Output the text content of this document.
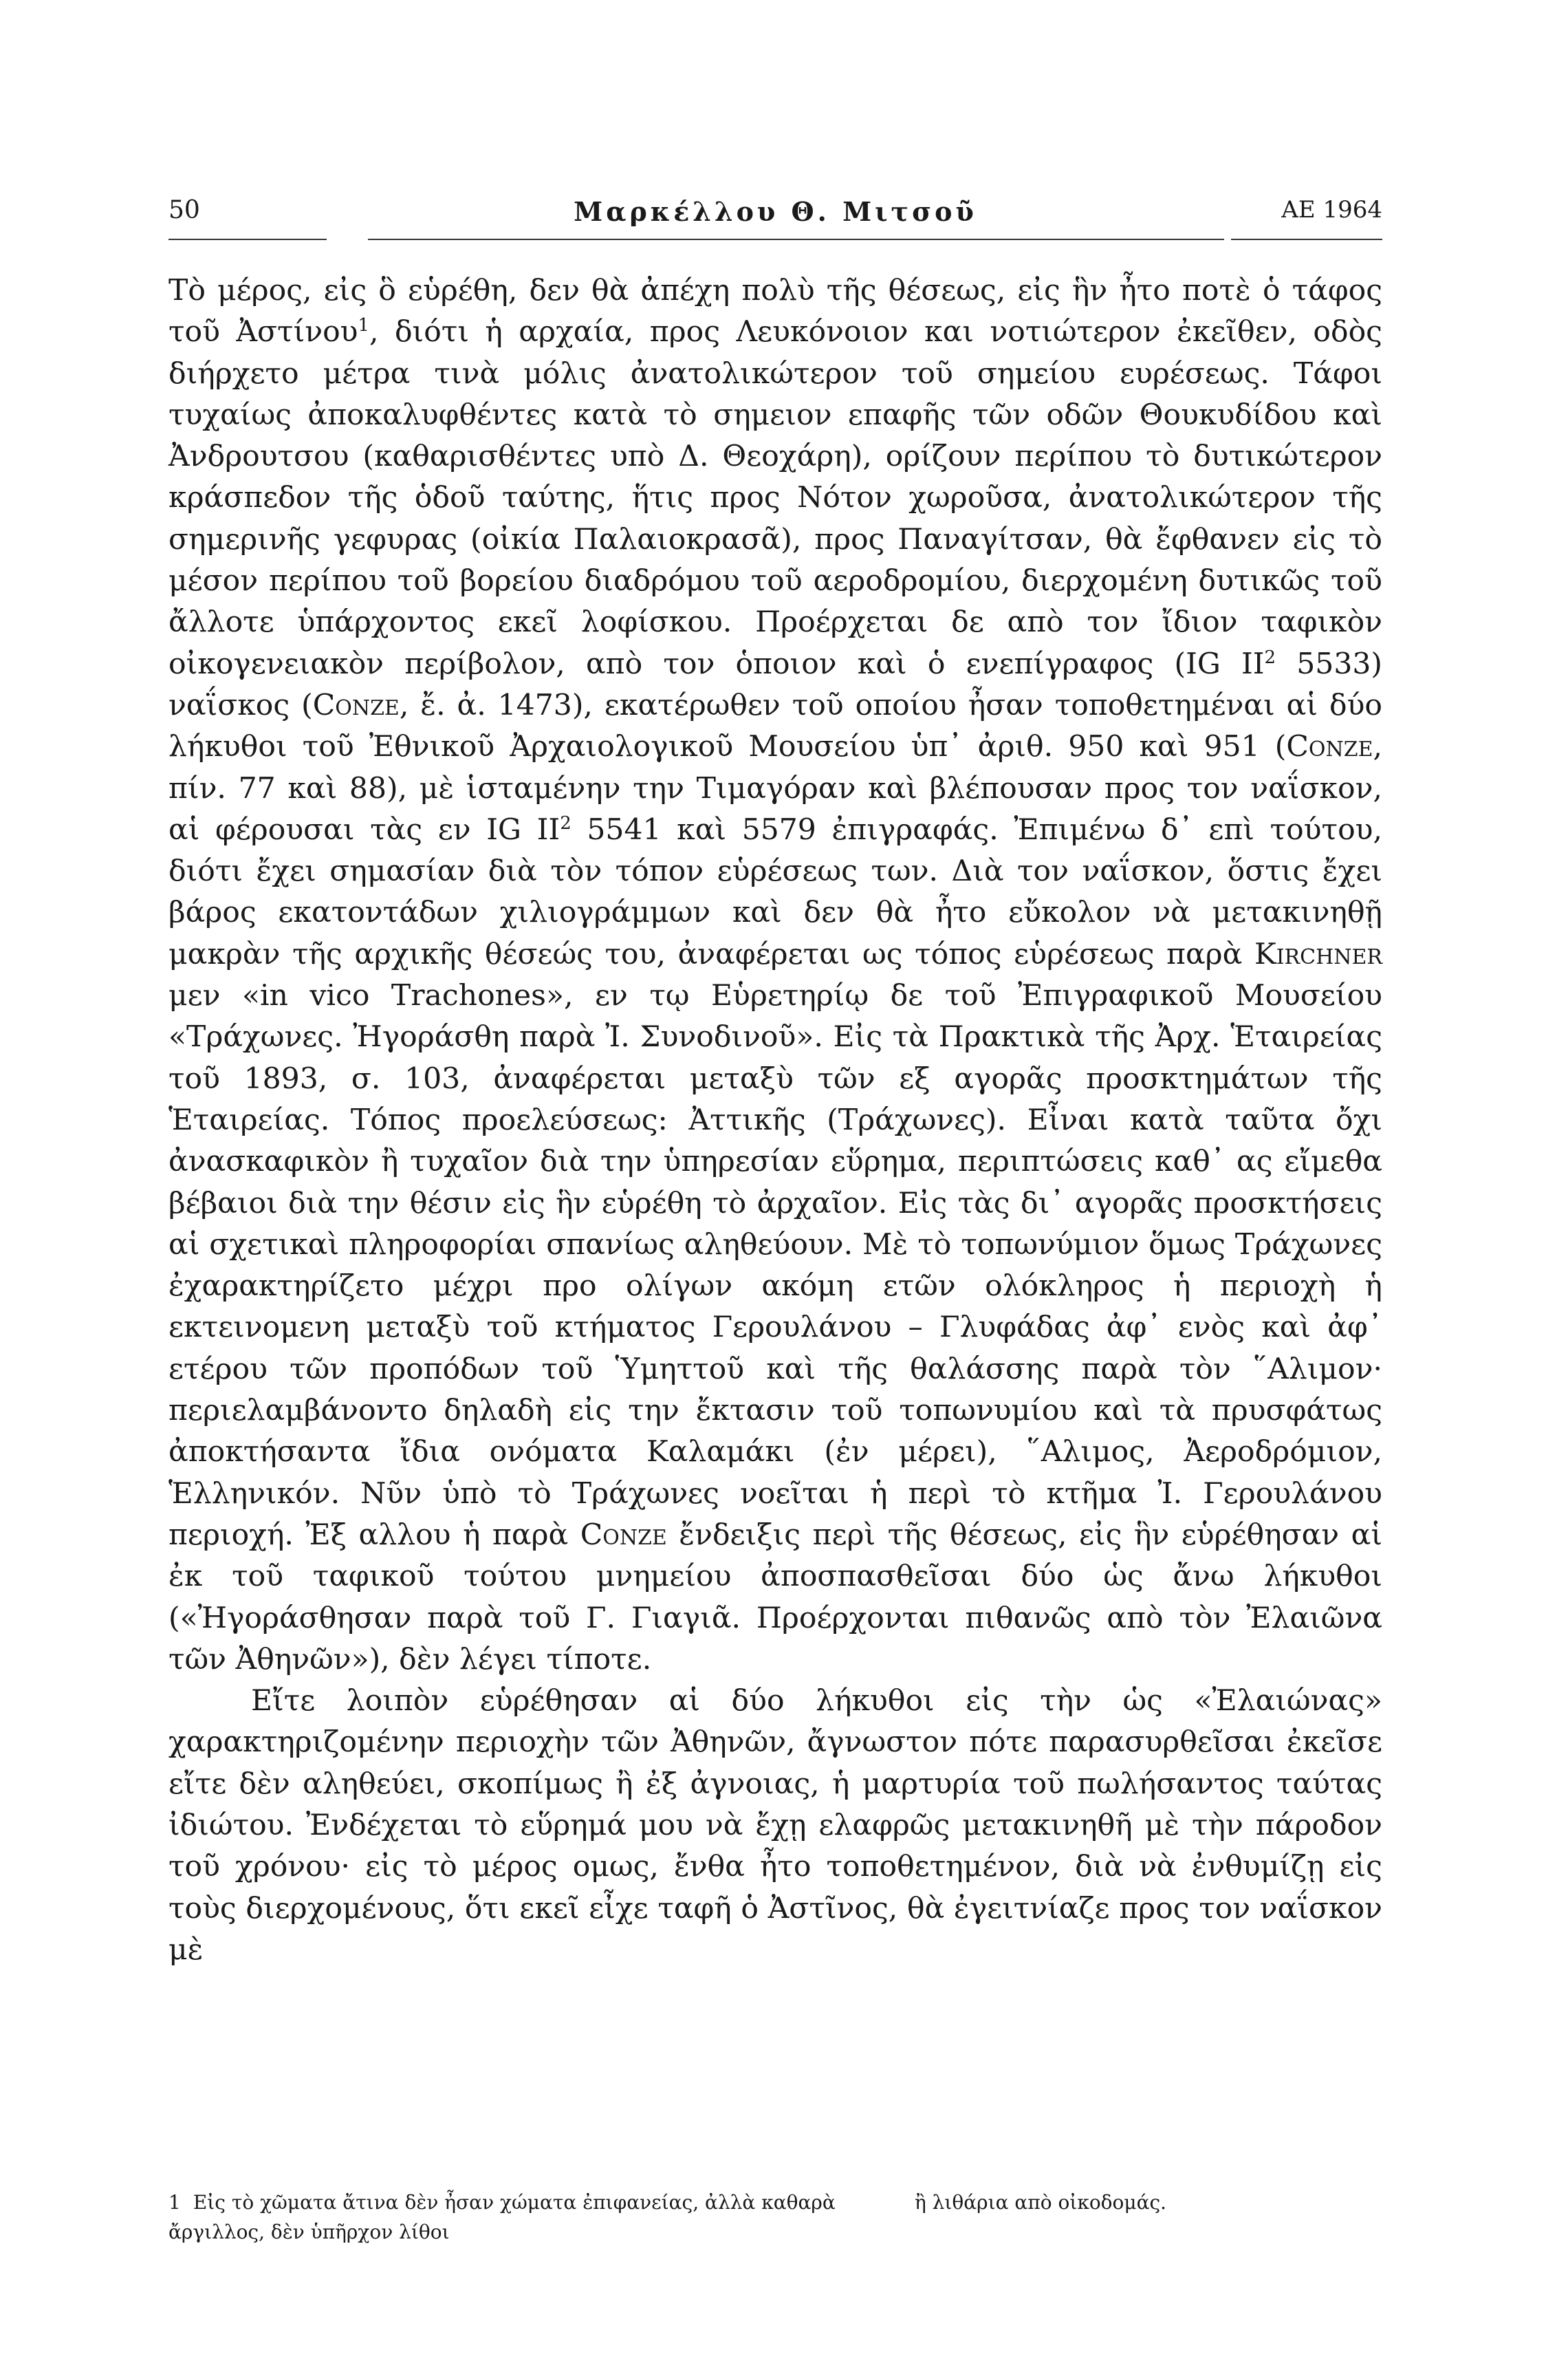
50	Μαρκέλλου Θ. Μιτσοῦ	ΑΕ 1964

Τὸ μέρος, εἰς ὃ εὑρέθη, δεν θὰ ἀπέχη πολὺ τῆς θέσεως, εἰς ἣν ἦτο ποτὲ ὁ τάφος τοῦ Ἀστίνου$^1$, διότι ἡ αρχαία, προς Λευκόνοιον και νοτιώτερον ἐκεῖθεν, οδὸς διήρχετο μέτρα τινὰ μόλις ἀνατολικώτερον τοῦ σημείου ευρέσεως. Τάφοι τυχαίως ἀποκαλυφθέντες κατὰ τὸ σημειον επαφῆς τῶν οδῶν Θουκυδίδου καὶ Ἀνδρουτσου (καθαρισθέντες υπὸ Δ. Θεοχάρη), ορίζουν περίπου τὸ δυτικώτερον κράσπεδον τῆς ὁδοῦ ταύτης, ἥτις προς Νότον χωροῦσα, ἀνατολικώτερον τῆς σημερινῆς γεφυρας (οἰκία Παλαιοκρασᾶ), προς Παναγίτσαν, θὰ ἔφθανεν εἰς τὸ μέσον περίπου τοῦ βορείου διαδρόμου τοῦ αεροδρομίου, διερχομένη δυτικῶς τοῦ ἄλλοτε ὑπάρχοντος εκεῖ λοφίσκου. Προέρχεται δε απὸ τον ἴδιον ταφικὸν οἰκογενειακὸν περίβολον, απὸ τον ὁποιον καὶ ὁ ενεπίγραφος (IG $II^2$ 5533) ναΐσκος (Conze, ἔ. ἀ. 1473), εκατέρωθεν τοῦ οποίου ἦσαν τοποθετημέναι αἱ δύο λήκυθοι τοῦ Ἐθνικοῦ Ἀρχαιολογικοῦ Μουσείου ὑπ᾿ ἀριθ. 950 καὶ 951 (Conze, πίν. 77 καὶ 88), μὲ ἱσταμένην την Τιμαγόραν καὶ βλέπουσαν προς τον ναΐσκον, αἱ φέρουσαι τὰς εν IG $II^2$ 5541 καὶ 5579 ἐπιγραφάς. Ἐπιμένω δ᾿ επὶ τούτου, διότι ἔχει σημασίαν διὰ τὸν τόπον εὑρέσεως των. Διὰ τον ναΐσκον, ὅστις ἔχει βάρος εκατοντάδων χιλιογράμμων καὶ δεν θὰ ἦτο εὔκολον νὰ μετακινηθῇ μακρὰν τῆς αρχικῆς θέσεώς του, ἀναφέρεται ως τόπος εὑρέσεως παρὰ Kirchner μεν «in vico Trachones», εν τῳ Εὑρετηρίῳ δε τοῦ Ἐπιγραφικοῦ Μουσείου «Τράχωνες. Ἠγοράσθη παρὰ Ἰ. Συνοδινοῦ». Εἰς τὰ Πρακτικὰ τῆς Ἀρχ. Ἑταιρείας τοῦ 1893, σ. 103, ἀναφέρεται μεταξὺ τῶν εξ αγορᾶς προσκτημάτων τῆς Ἑταιρείας. Τόπος προελεύσεως: Ἀττικῆς (Τράχωνες). Εἶναι κατὰ ταῦτα ὄχι ἀνασκαφικὸν ἢ τυχαῖον διὰ την ὑπηρεσίαν εὕρημα, περιπτώσεις καθ᾿ ας εἴμεθα βέβαιοι διὰ την θέσιν εἰς ἣν εὑρέθη τὸ ἀρχαῖον. Εἰς τὰς δι᾿ αγορᾶς προσκτήσεις αἱ σχετικαὶ πληροφορίαι σπανίως αληθεύουν. Μὲ τὸ τοπωνύμιον ὅμως Τράχωνες ἐχαρακτηρίζετο μέχρι προ ολίγων ακόμη ετῶν ολόκληρος ἡ περιοχὴ ἡ εκτεινομενη μεταξὺ τοῦ κτήματος Γερουλάνου – Γλυφάδας ἀφ᾿ ενὸς καὶ ἀφ᾿ ετέρου τῶν προπόδων τοῦ Ὑμηττοῦ καὶ τῆς θαλάσσης παρὰ τὸν ῞Αλιμον· περιελαμβάνοντο δηλαδὴ εἰς την ἔκτασιν τοῦ τοπωνυμίου καὶ τὰ πρυσφάτως ἀποκτήσαντα ἴδια ονόματα Καλαμάκι (ἐν μέρει), ῞Αλιμος, Ἀεροδρόμιον, Ἑλληνικόν. Νῦν ὑπὸ τὸ Τράχωνες νοεῖται ἡ περὶ τὸ κτῆμα Ἰ. Γερουλάνου περιοχή. Ἐξ αλλου ἡ παρὰ Conze ἔνδειξις περὶ τῆς θέσεως, εἰς ἣν εὑρέθησαν αἱ ἐκ τοῦ ταφικοῦ τούτου μνημείου ἀποσπασθεῖσαι δύο ὡς ἄνω λήκυθοι («Ἠγοράσθησαν παρὰ τοῦ Γ. Γιαγιᾶ. Προέρχονται πιθανῶς απὸ τὸν Ἐλαιῶνα τῶν Ἀθηνῶν»), δὲν λέγει τίποτε.

Εἴτε λοιπὸν εὑρέθησαν αἱ δύο λήκυθοι εἰς τὴν ὡς «Ἐλαιώνας» χαρακτηριζομένην περιοχὴν τῶν Ἀθηνῶν, ἄγνωστον πότε παρασυρθεῖσαι ἐκεῖσε εἴτε δὲν αληθεύει, σκοπίμως ἢ ἐξ ἀγνοιας, ἡ μαρτυρία τοῦ πωλήσαντος ταύτας ἰδιώτου. Ἐνδέχεται τὸ εὕρημά μου νὰ ἔχῃ ελαφρῶς μετακινηθῆ μὲ τὴν πάροδον τοῦ χρόνου· εἰς τὸ μέρος ομως, ἔνθα ἦτο τοποθετημένον, διὰ νὰ ἐνθυμίζῃ εἰς τοὺς διερχομένους, ὅτι εκεῖ εἶχε ταφῆ ὁ Ἀστῖνος, θὰ ἐγειτνίαζε προς τον ναΐσκον μὲ

1 Εἰς τὸ χῶματα ἄτινα δὲν ἦσαν χώματα ἐπιφανείας, ἀλλὰ καθαρὰ ἄργιλλος, δὲν ὑπῆρχον λίθοι
ἢ λιθάρια απὸ οἰκοδομάς.
